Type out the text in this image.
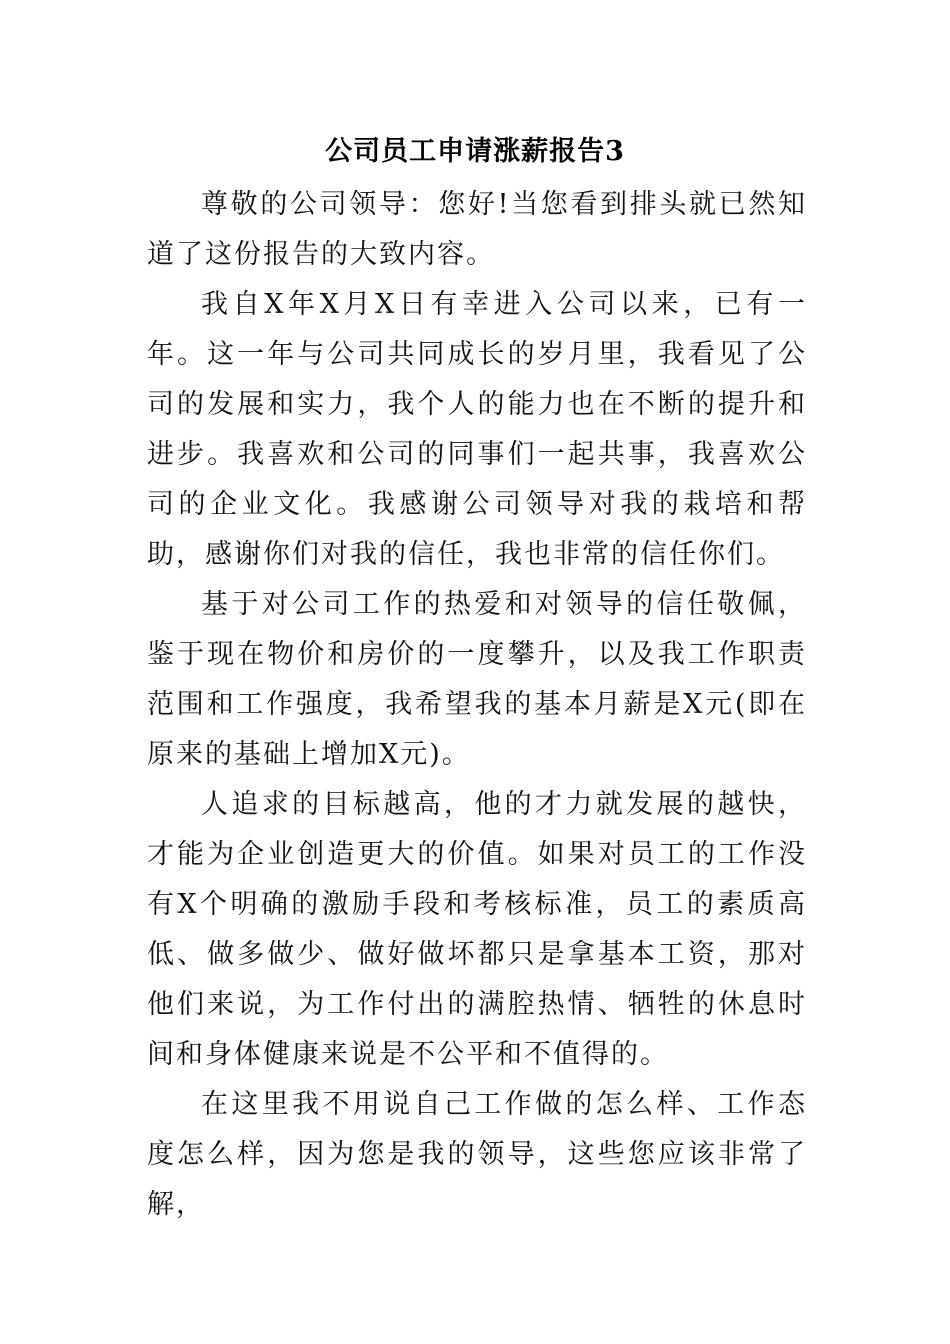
公司员工申请涨薪报告3

尊敬的公司领导：您好!当您看到排头就已然知道了这份报告的大致内容。

我自X年X月X日有幸进入公司以来，已有一年。这一年与公司共同成长的岁月里，我看见了公司的发展和实力，我个人的能力也在不断的提升和进步。我喜欢和公司的同事们一起共事，我喜欢公司的企业文化。我感谢公司领导对我的栽培和帮助，感谢你们对我的信任，我也非常的信任你们。

基于对公司工作的热爱和对领导的信任敬佩，鉴于现在物价和房价的一度攀升，以及我工作职责范围和工作强度，我希望我的基本月薪是X元(即在原来的基础上增加X元)。

人追求的目标越高，他的才力就发展的越快，才能为企业创造更大的价值。如果对员工的工作没有X个明确的激励手段和考核标准，员工的素质高低、做多做少、做好做坏都只是拿基本工资，那对他们来说，为工作付出的满腔热情、牺牲的休息时间和身体健康来说是不公平和不值得的。

在这里我不用说自己工作做的怎么样、工作态度怎么样，因为您是我的领导，这些您应该非常了解，
